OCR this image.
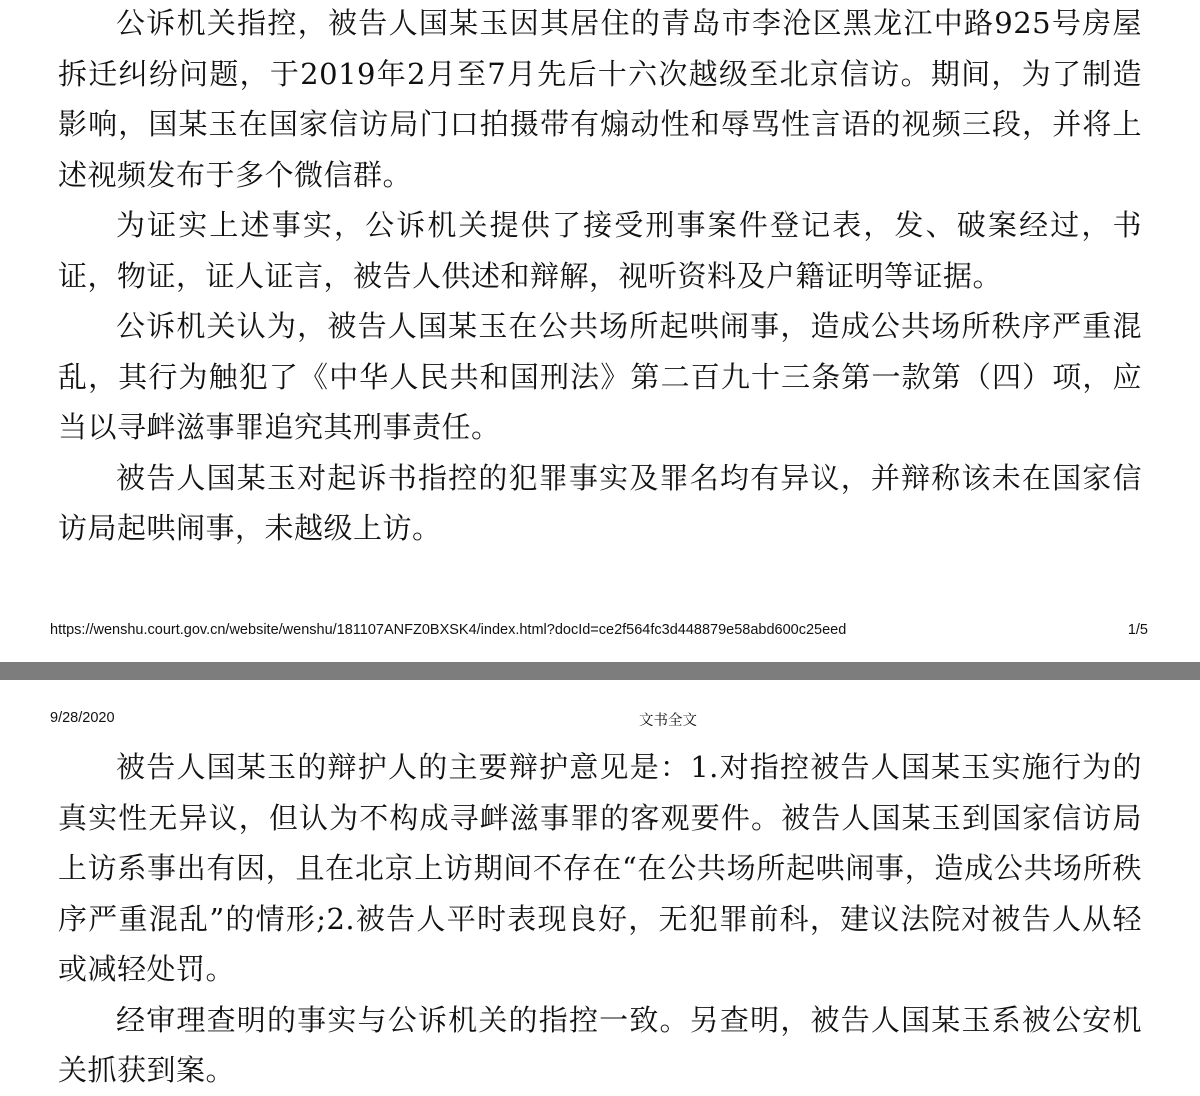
公诉机关指控，被告人国某玉因其居住的青岛市李沧区黑龙江中路925号房屋拆迁纠纷问题，于2019年2月至7月先后十六次越级至北京信访。期间，为了制造影响，国某玉在国家信访局门口拍摄带有煽动性和辱骂性言语的视频三段，并将上述视频发布于多个微信群。

为证实上述事实，公诉机关提供了接受刑事案件登记表，发、破案经过，书证，物证，证人证言，被告人供述和辩解，视听资料及户籍证明等证据。

公诉机关认为，被告人国某玉在公共场所起哄闹事，造成公共场所秩序严重混乱，其行为触犯了《中华人民共和国刑法》第二百九十三条第一款第（四）项，应当以寻衅滋事罪追究其刑事责任。

被告人国某玉对起诉书指控的犯罪事实及罪名均有异议，并辩称该未在国家信访局起哄闹事，未越级上访。

https://wenshu.court.gov.cn/website/wenshu/181107ANFZ0BXSK4/index.html?docId=ce2f564fc3d448879e58abd600c25eed	1/5
9/28/2020	文书全文

被告人国某玉的辩护人的主要辩护意见是：1.对指控被告人国某玉实施行为的真实性无异议，但认为不构成寻衅滋事罪的客观要件。被告人国某玉到国家信访局上访系事出有因，且在北京上访期间不存在“在公共场所起哄闹事，造成公共场所秩序严重混乱”的情形;2.被告人平时表现良好，无犯罪前科，建议法院对被告人从轻或减轻处罚。

经审理查明的事实与公诉机关的指控一致。另查明，被告人国某玉系被公安机关抓获到案。
